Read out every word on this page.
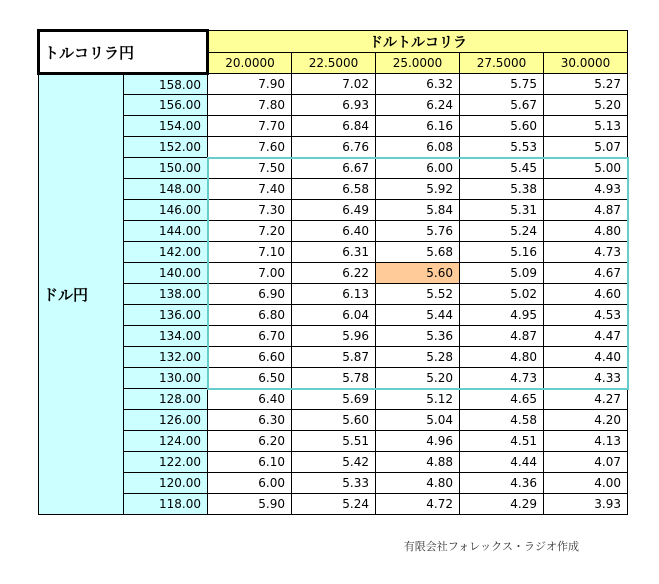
トルコリラ円		ドルトルコリラ				
		20.0000	22.5000	25.0000	27.5000	30.0000
ドル円	158.00	7.90	7.02	6.32	5.75	5.27
	156.00	7.80	6.93	6.24	5.67	5.20
	154.00	7.70	6.84	6.16	5.60	5.13
	152.00	7.60	6.76	6.08	5.53	5.07
	150.00	7.50	6.67	6.00	5.45	5.00
	148.00	7.40	6.58	5.92	5.38	4.93
	146.00	7.30	6.49	5.84	5.31	4.87
	144.00	7.20	6.40	5.76	5.24	4.80
	142.00	7.10	6.31	5.68	5.16	4.73
	140.00	7.00	6.22	5.60	5.09	4.67
	138.00	6.90	6.13	5.52	5.02	4.60
	136.00	6.80	6.04	5.44	4.95	4.53
	134.00	6.70	5.96	5.36	4.87	4.47
	132.00	6.60	5.87	5.28	4.80	4.40
	130.00	6.50	5.78	5.20	4.73	4.33
	128.00	6.40	5.69	5.12	4.65	4.27
	126.00	6.30	5.60	5.04	4.58	4.20
	124.00	6.20	5.51	4.96	4.51	4.13
	122.00	6.10	5.42	4.88	4.44	4.07
	120.00	6.00	5.33	4.80	4.36	4.00
	118.00	5.90	5.24	4.72	4.29	3.93
有限会社フォレックス・ラジオ作成
